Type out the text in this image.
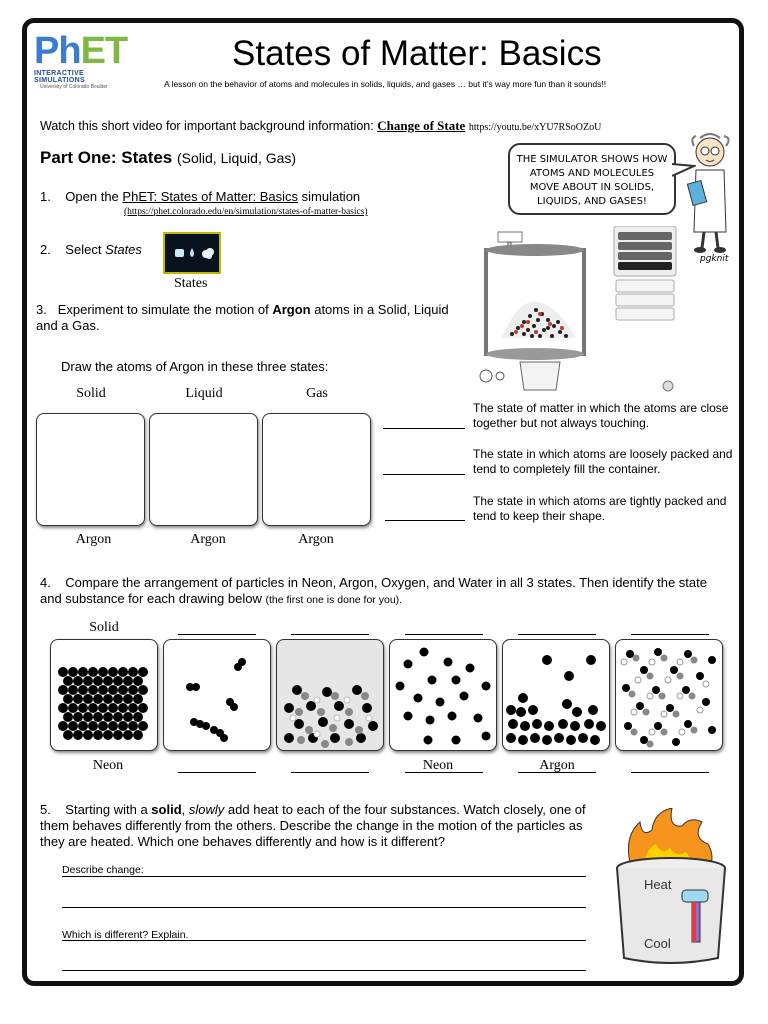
PhET
INTERACTIVE SIMULATIONS
University of Colorado Boulder
States of Matter: Basics
A lesson on the behavior of atoms and molecules in solids, liquids, and gases … but it’s way more fun than it sounds!!
Watch this short video for important background information: Change of State https://youtu.be/xYU7RSoOZoU
Part One: States (Solid, Liquid, Gas)
1. Open the PhET: States of Matter: Basics simulation
(https://phet.colorado.edu/en/simulation/states-of-matter-basics)
2. Select States
States
3. Experiment to simulate the motion of Argon atoms in a Solid, Liquid and a Gas.
Draw the atoms of Argon in these three states:
Solid	Liquid	Gas
Argon	Argon	Argon
The state of matter in which the atoms are close together but not always touching.
The state in which atoms are loosely packed and tend to completely fill the container.
The state in which atoms are tightly packed and tend to keep their shape.
THE SIMULATOR SHOWS HOW ATOMS AND MOLECULES MOVE ABOUT IN SOLIDS, LIQUIDS, AND GASES!
pgknit
4. Compare the arrangement of particles in Neon, Argon, Oxygen, and Water in all 3 states. Then identify the state and substance for each drawing below (the first one is done for you).
Solid
Neon	Neon	Argon
5. Starting with a solid, slowly add heat to each of the four substances. Watch closely, one of them behaves differently from the others. Describe the change in the motion of the particles as they are heated. Which one behaves differently and how is it different?
Describe change:
Which is different? Explain.
Heat
Cool
